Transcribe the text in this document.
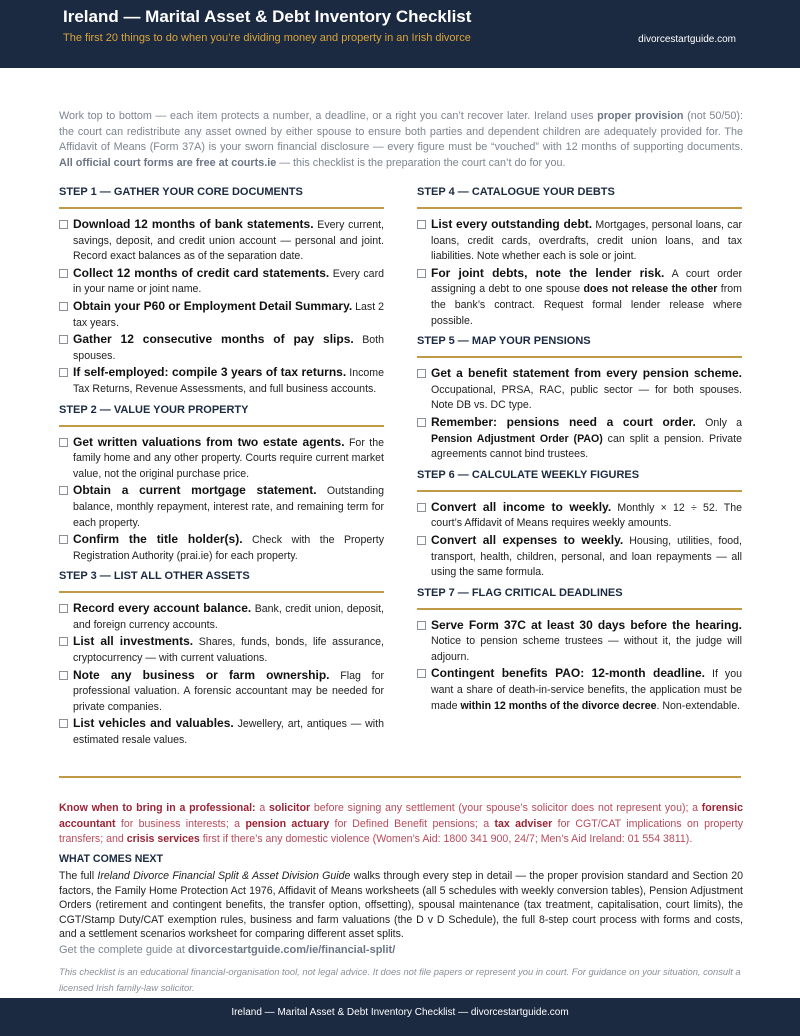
Ireland — Marital Asset & Debt Inventory Checklist
The first 20 things to do when you’re dividing money and property in an Irish divorce	divorcestartguide.com
Work top to bottom — each item protects a number, a deadline, or a right you can’t recover later. Ireland uses proper provision (not 50/50): the court can redistribute any asset owned by either spouse to ensure both parties and dependent children are adequately provided for. The Affidavit of Means (Form 37A) is your sworn financial disclosure — every figure must be “vouched” with 12 months of supporting documents. All official court forms are free at courts.ie — this checklist is the preparation the court can’t do for you.
STEP 1 — GATHER YOUR CORE DOCUMENTS
Download 12 months of bank statements. Every current, savings, deposit, and credit union account — personal and joint. Record exact balances as of the separation date.
Collect 12 months of credit card statements. Every card in your name or joint name.
Obtain your P60 or Employment Detail Summary. Last 2 tax years.
Gather 12 consecutive months of pay slips. Both spouses.
If self-employed: compile 3 years of tax returns. Income Tax Returns, Revenue Assessments, and full business accounts.
STEP 2 — VALUE YOUR PROPERTY
Get written valuations from two estate agents. For the family home and any other property. Courts require current market value, not the original purchase price.
Obtain a current mortgage statement. Outstanding balance, monthly repayment, interest rate, and remaining term for each property.
Confirm the title holder(s). Check with the Property Registration Authority (prai.ie) for each property.
STEP 3 — LIST ALL OTHER ASSETS
Record every account balance. Bank, credit union, deposit, and foreign currency accounts.
List all investments. Shares, funds, bonds, life assurance, cryptocurrency — with current valuations.
Note any business or farm ownership. Flag for professional valuation. A forensic accountant may be needed for private companies.
List vehicles and valuables. Jewellery, art, antiques — with estimated resale values.
STEP 4 — CATALOGUE YOUR DEBTS
List every outstanding debt. Mortgages, personal loans, car loans, credit cards, overdrafts, credit union loans, and tax liabilities. Note whether each is sole or joint.
For joint debts, note the lender risk. A court order assigning a debt to one spouse does not release the other from the bank’s contract. Request formal lender release where possible.
STEP 5 — MAP YOUR PENSIONS
Get a benefit statement from every pension scheme. Occupational, PRSA, RAC, public sector — for both spouses. Note DB vs. DC type.
Remember: pensions need a court order. Only a Pension Adjustment Order (PAO) can split a pension. Private agreements cannot bind trustees.
STEP 6 — CALCULATE WEEKLY FIGURES
Convert all income to weekly. Monthly × 12 ÷ 52. The court’s Affidavit of Means requires weekly amounts.
Convert all expenses to weekly. Housing, utilities, food, transport, health, children, personal, and loan repayments — all using the same formula.
STEP 7 — FLAG CRITICAL DEADLINES
Serve Form 37C at least 30 days before the hearing. Notice to pension scheme trustees — without it, the judge will adjourn.
Contingent benefits PAO: 12-month deadline. If you want a share of death-in-service benefits, the application must be made within 12 months of the divorce decree. Non-extendable.
Know when to bring in a professional: a solicitor before signing any settlement (your spouse’s solicitor does not represent you); a forensic accountant for business interests; a pension actuary for Defined Benefit pensions; a tax adviser for CGT/CAT implications on property transfers; and crisis services first if there’s any domestic violence (Women’s Aid: 1800 341 900, 24/7; Men’s Aid Ireland: 01 554 3811).
WHAT COMES NEXT
The full Ireland Divorce Financial Split & Asset Division Guide walks through every step in detail — the proper provision standard and Section 20 factors, the Family Home Protection Act 1976, Affidavit of Means worksheets (all 5 schedules with weekly conversion tables), Pension Adjustment Orders (retirement and contingent benefits, the transfer option, offsetting), spousal maintenance (tax treatment, capitalisation, court limits), the CGT/Stamp Duty/CAT exemption rules, business and farm valuations (the D v D Schedule), the full 8-step court process with forms and costs, and a settlement scenarios worksheet for comparing different asset splits.
Get the complete guide at divorcestartguide.com/ie/financial-split/
This checklist is an educational financial-organisation tool, not legal advice. It does not file papers or represent you in court. For guidance on your situation, consult a licensed Irish family-law solicitor.
Ireland — Marital Asset & Debt Inventory Checklist — divorcestartguide.com
